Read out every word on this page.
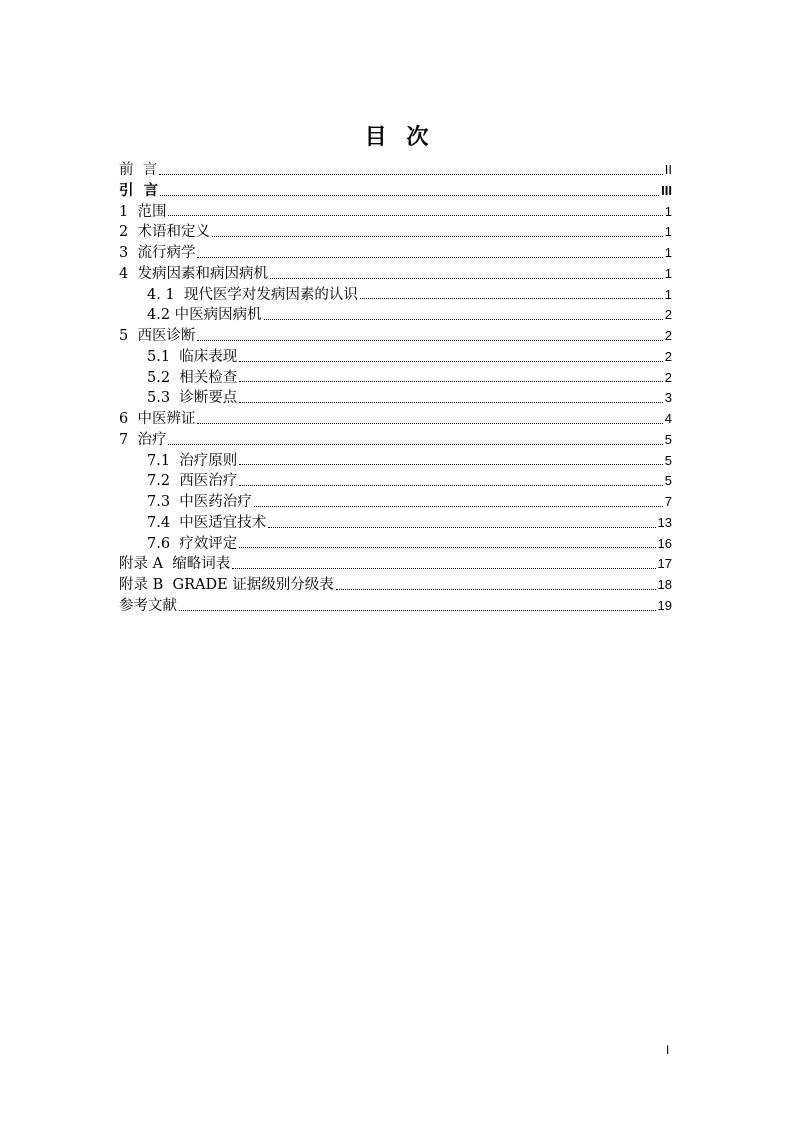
目 次
前  言	II
引  言	III
1  范围	1
2  术语和定义	1
3  流行病学	1
4  发病因素和病因病机	1
4. 1  现代医学对发病因素的认识	1
4.2 中医病因病机	2
5  西医诊断	2
5.1  临床表现	2
5.2  相关检查	2
5.3  诊断要点	3
6  中医辨证	4
7  治疗	5
7.1  治疗原则	5
7.2  西医治疗	5
7.3  中医药治疗	7
7.4  中医适宜技术	13
7.6  疗效评定	16
附录 A  缩略词表	17
附录 B  GRADE 证据级别分级表	18
参考文献	19
I
